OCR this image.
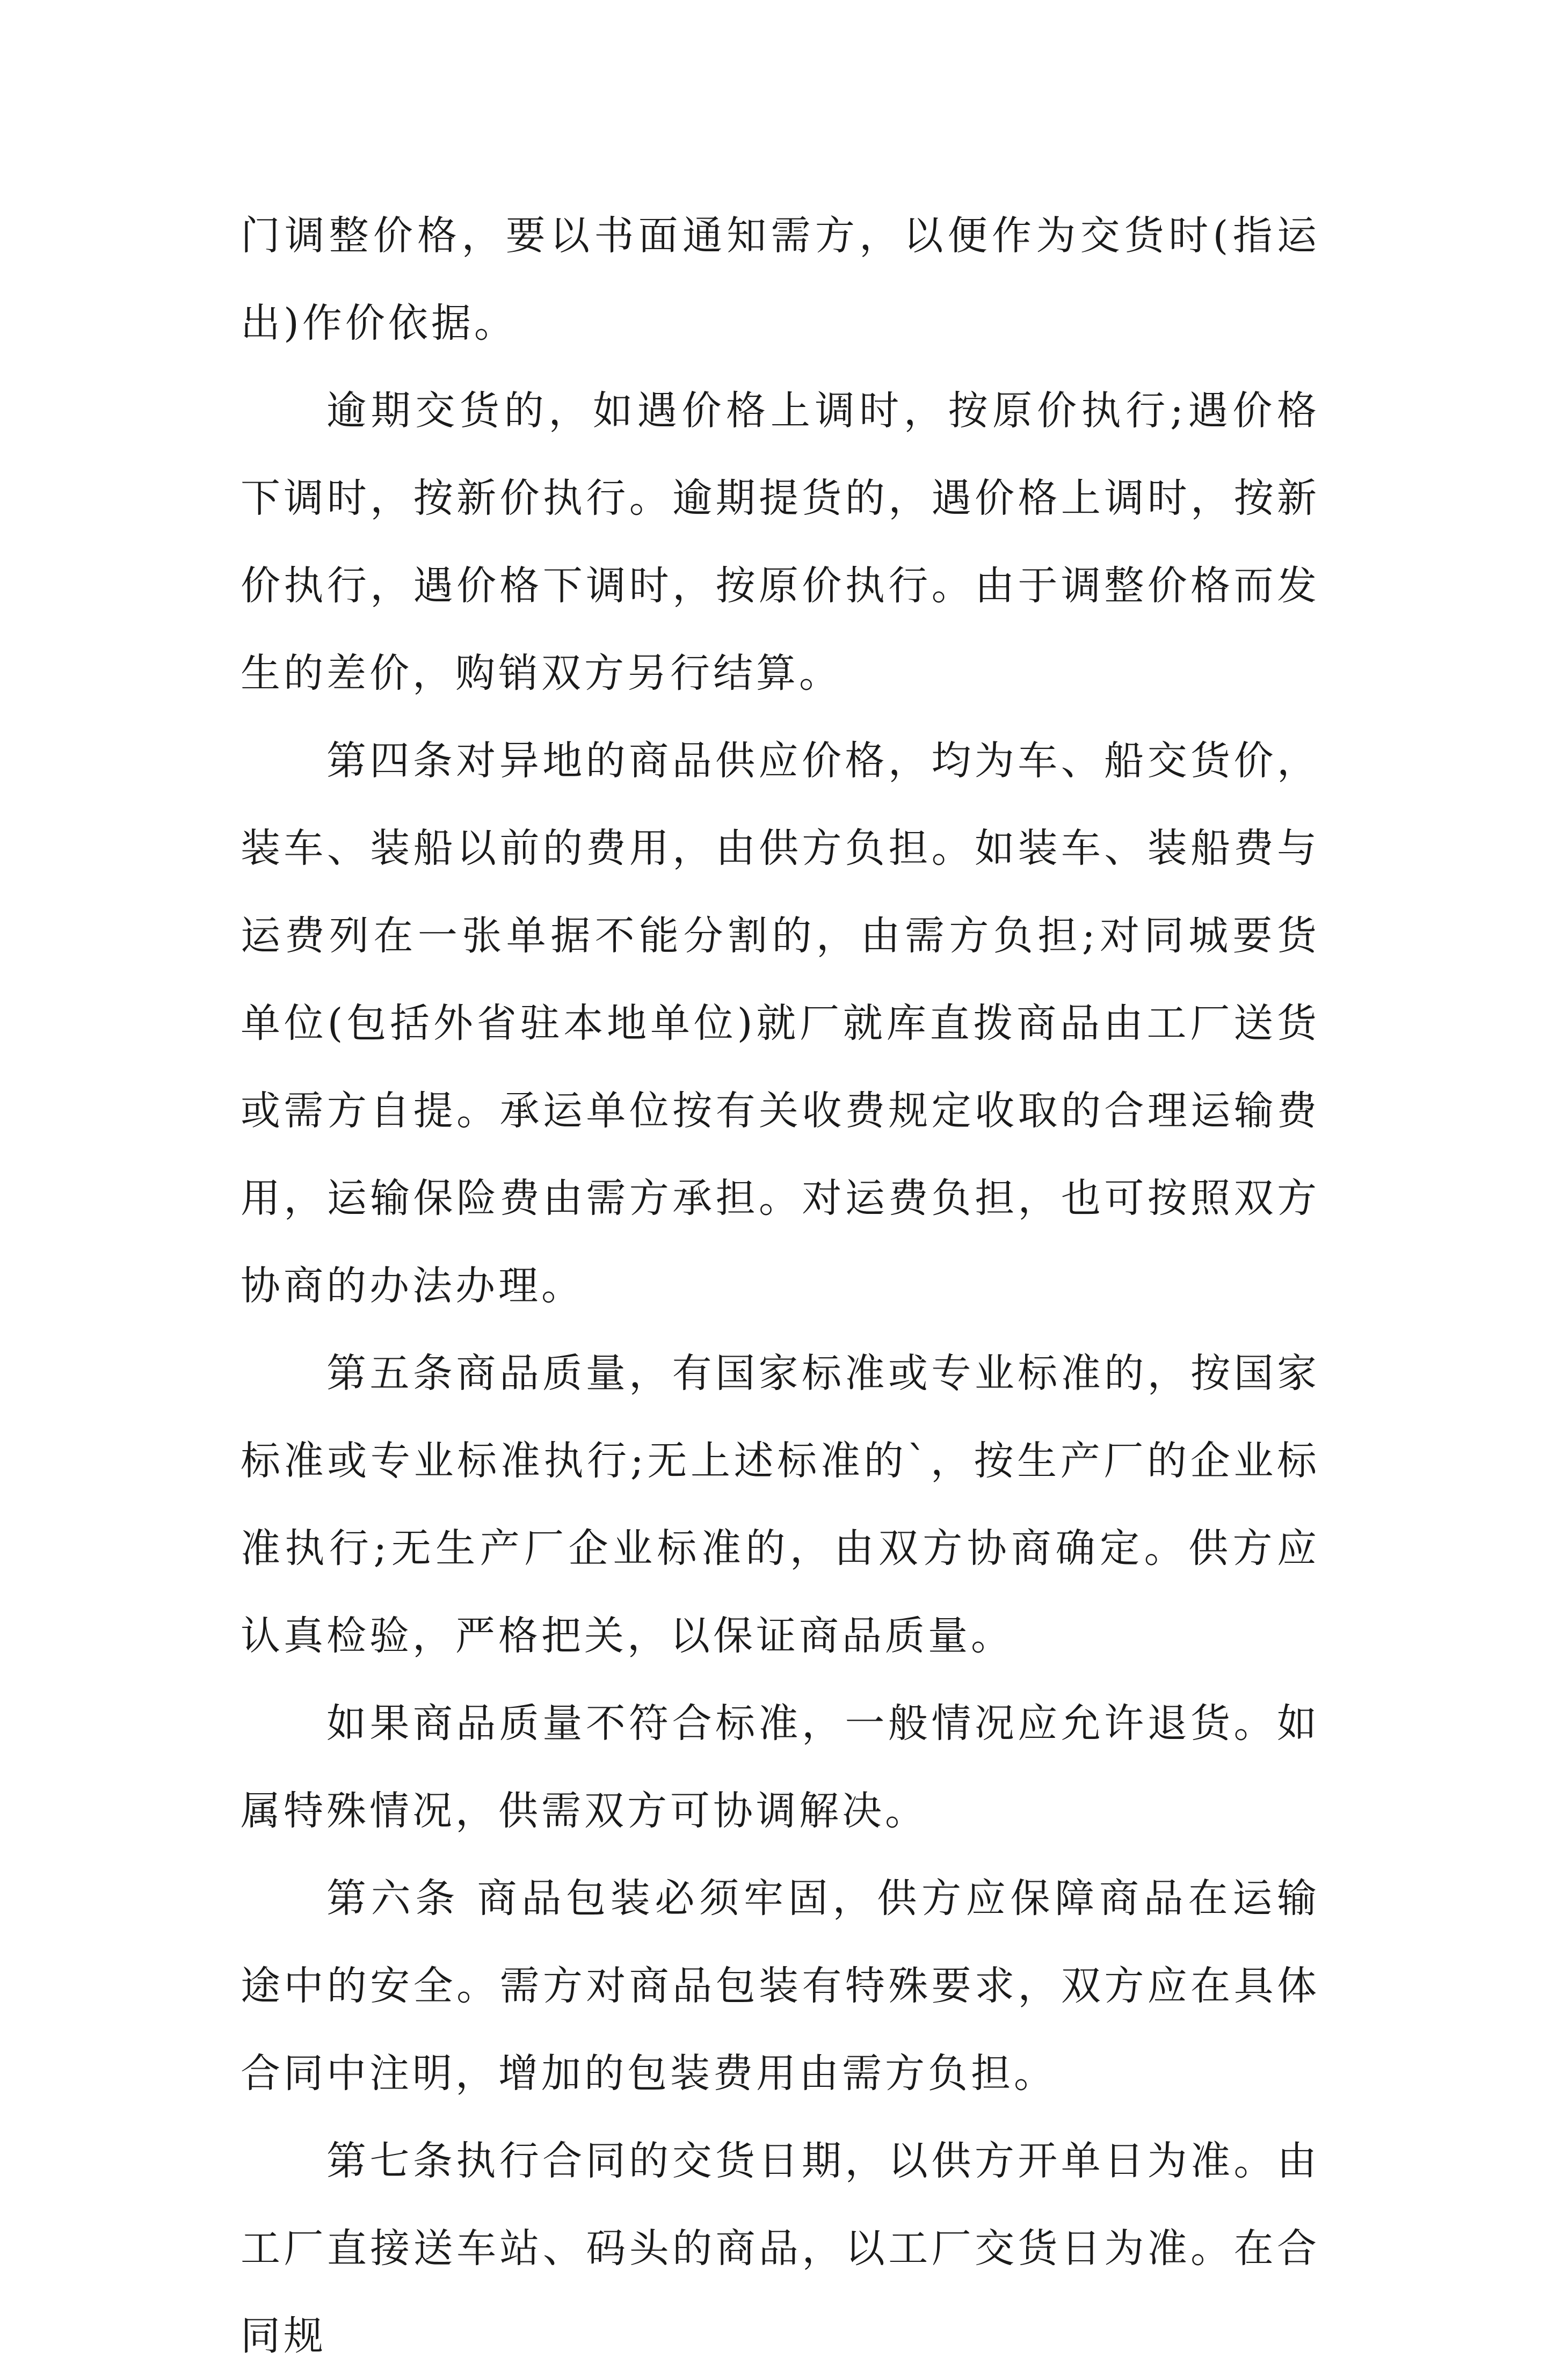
门调整价格，要以书面通知需方，以便作为交货时(指运出)作价依据。

逾期交货的，如遇价格上调时，按原价执行;遇价格下调时，按新价执行。逾期提货的，遇价格上调时，按新价执行，遇价格下调时，按原价执行。由于调整价格而发生的差价，购销双方另行结算。

第四条对异地的商品供应价格，均为车、船交货价，装车、装船以前的费用，由供方负担。如装车、装船费与运费列在一张单据不能分割的，由需方负担;对同城要货单位(包括外省驻本地单位)就厂就库直拨商品由工厂送货或需方自提。承运单位按有关收费规定收取的合理运输费用，运输保险费由需方承担。对运费负担，也可按照双方协商的办法办理。

第五条商品质量，有国家标准或专业标准的，按国家标准或专业标准执行;无上述标准的`，按生产厂的企业标准执行;无生产厂企业标准的，由双方协商确定。供方应认真检验，严格把关，以保证商品质量。

如果商品质量不符合标准，一般情况应允许退货。如属特殊情况，供需双方可协调解决。

第六条 商品包装必须牢固，供方应保障商品在运输途中的安全。需方对商品包装有特殊要求，双方应在具体合同中注明，增加的包装费用由需方负担。

第七条执行合同的交货日期，以供方开单日为准。由工厂直接送车站、码头的商品，以工厂交货日为准。在合同规
